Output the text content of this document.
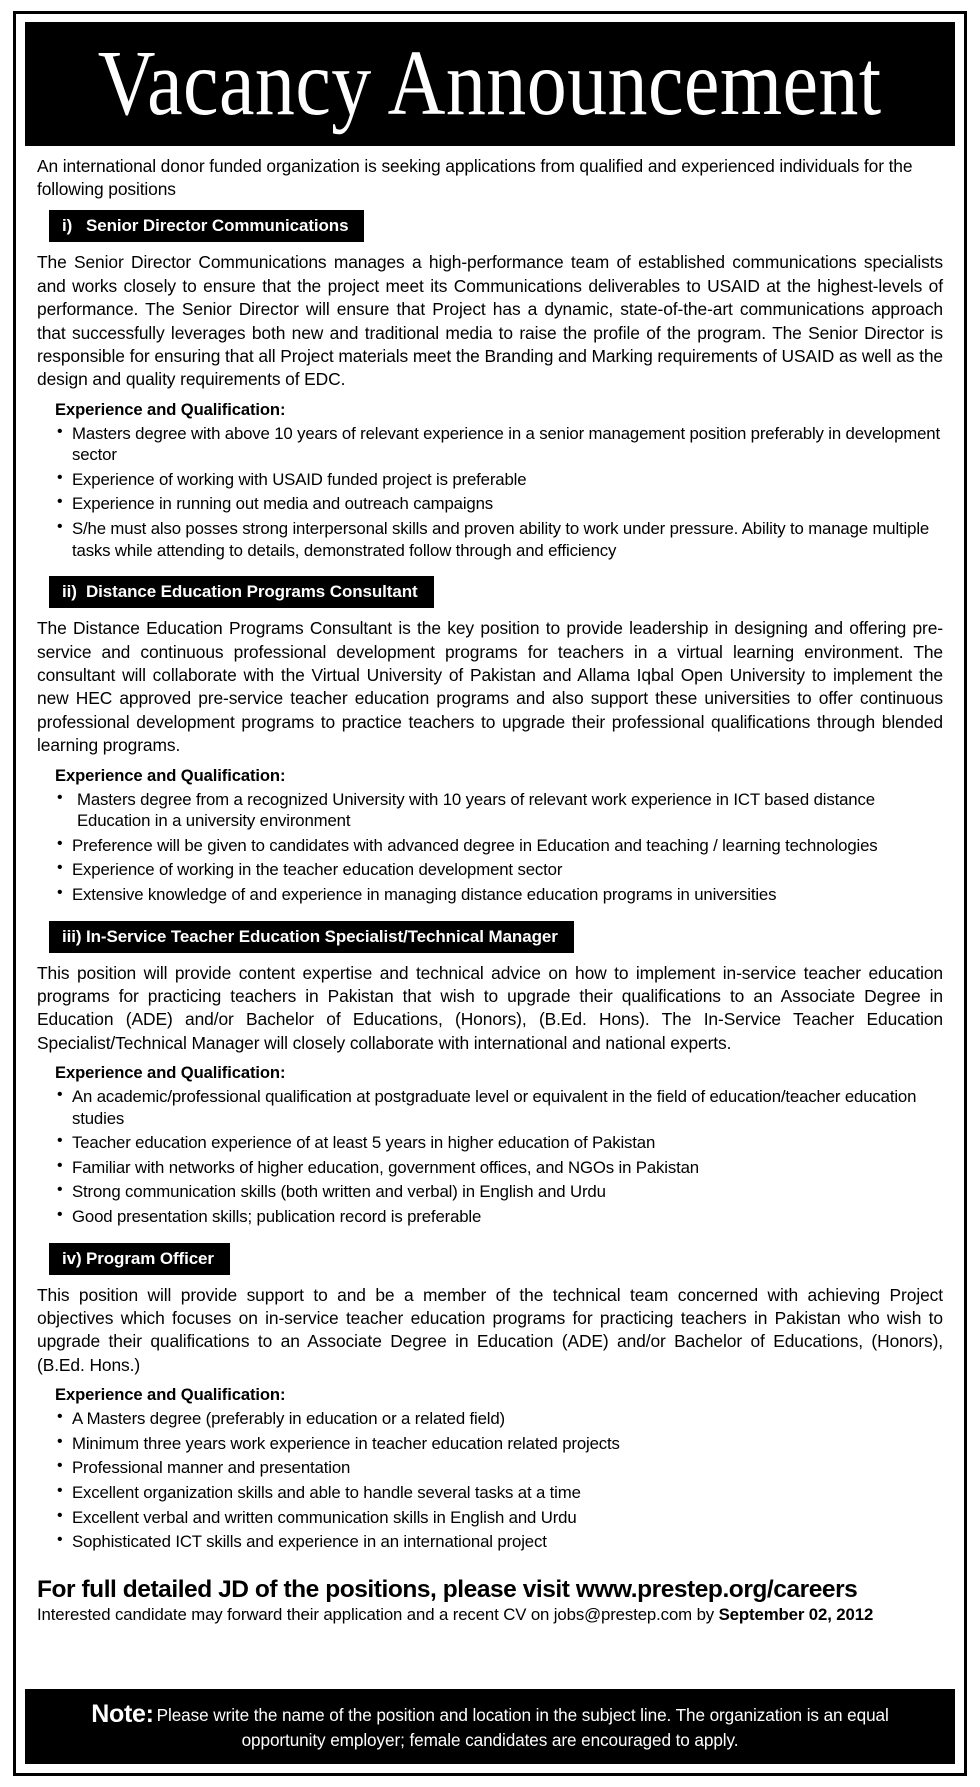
Vacancy Announcement

An international donor funded organization is seeking applications from qualified and experienced individuals for the following positions

i) Senior Director Communications

The Senior Director Communications manages a high-performance team of established communications specialists and works closely to ensure that the project meet its Communications deliverables to USAID at the highest-levels of performance. The Senior Director will ensure that Project has a dynamic, state-of-the-art communications approach that successfully leverages both new and traditional media to raise the profile of the program. The Senior Director is responsible for ensuring that all Project materials meet the Branding and Marking requirements of USAID as well as the design and quality requirements of EDC.

Experience and Qualification:
• Masters degree with above 10 years of relevant experience in a senior management position preferably in development sector
• Experience of working with USAID funded project is preferable
• Experience in running out media and outreach campaigns
• S/he must also posses strong interpersonal skills and proven ability to work under pressure. Ability to manage multiple tasks while attending to details, demonstrated follow through and efficiency
ii) Distance Education Programs Consultant

The Distance Education Programs Consultant is the key position to provide leadership in designing and offering pre-service and continuous professional development programs for teachers in a virtual learning environment. The consultant will collaborate with the Virtual University of Pakistan and Allama Iqbal Open University to implement the new HEC approved pre-service teacher education programs and also support these universities to offer continuous professional development programs to practice teachers to upgrade their professional qualifications through blended learning programs.

Experience and Qualification:
• Masters degree from a recognized University with 10 years of relevant work experience in ICT based distance Education in a university environment
• Preference will be given to candidates with advanced degree in Education and teaching / learning technologies
• Experience of working in the teacher education development sector
• Extensive knowledge of and experience in managing distance education programs in universities
iii) In-Service Teacher Education Specialist/Technical Manager

This position will provide content expertise and technical advice on how to implement in-service teacher education programs for practicing teachers in Pakistan that wish to upgrade their qualifications to an Associate Degree in Education (ADE) and/or Bachelor of Educations, (Honors), (B.Ed. Hons). The In-Service Teacher Education Specialist/Technical Manager will closely collaborate with international and national experts.

Experience and Qualification:
• An academic/professional qualification at postgraduate level or equivalent in the field of education/teacher education studies
• Teacher education experience of at least 5 years in higher education of Pakistan
• Familiar with networks of higher education, government offices, and NGOs in Pakistan
• Strong communication skills (both written and verbal) in English and Urdu
• Good presentation skills; publication record is preferable
iv) Program Officer

This position will provide support to and be a member of the technical team concerned with achieving Project objectives which focuses on in-service teacher education programs for practicing teachers in Pakistan who wish to upgrade their qualifications to an Associate Degree in Education (ADE) and/or Bachelor of Educations, (Honors), (B.Ed. Hons.)

Experience and Qualification:
• A Masters degree (preferably in education or a related field)
• Minimum three years work experience in teacher education related projects
• Professional manner and presentation
• Excellent organization skills and able to handle several tasks at a time
• Excellent verbal and written communication skills in English and Urdu
• Sophisticated ICT skills and experience in an international project
For full detailed JD of the positions, please visit www.prestep.org/careers
Interested candidate may forward their application and a recent CV on jobs@prestep.com by September 02, 2012
Note: Please write the name of the position and location in the subject line. The organization is an equal opportunity employer; female candidates are encouraged to apply.
